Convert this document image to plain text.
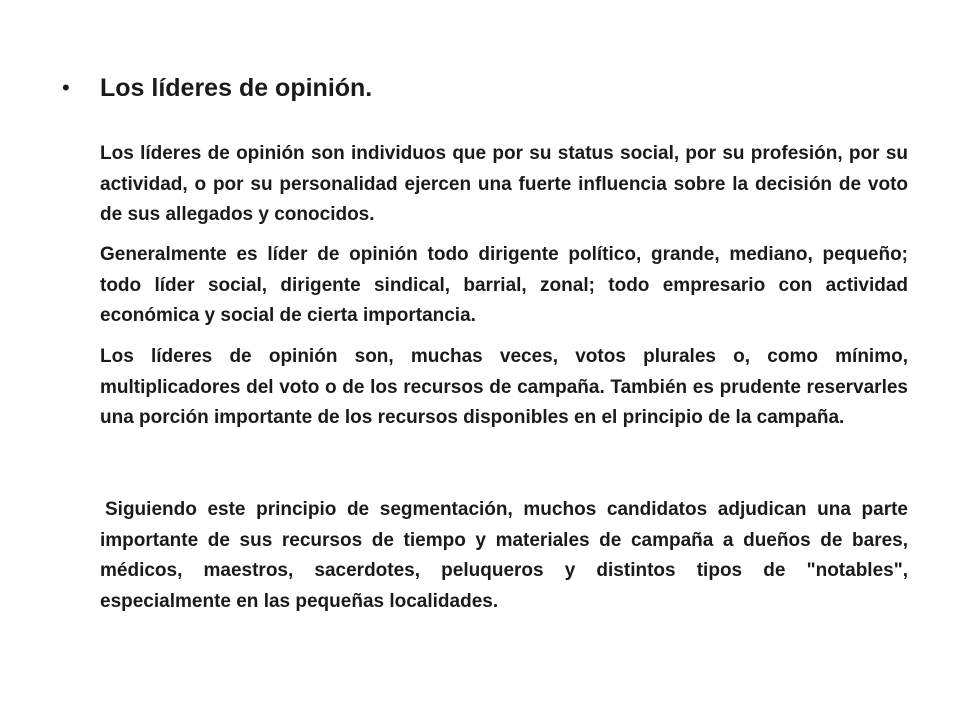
•	Los líderes de opinión.

Los líderes de opinión son individuos que por su status social, por su profesión, por su actividad, o por su personalidad ejercen una fuerte influencia sobre la decisión de voto de sus allegados y conocidos.

Generalmente es líder de opinión todo dirigente político, grande, mediano, pequeño; todo líder social, dirigente sindical, barrial, zonal; todo empresario con actividad económica y social de cierta importancia.

Los líderes de opinión son, muchas veces, votos plurales o, como mínimo, multiplicadores del voto o de los recursos de campaña. También es prudente reservarles una porción importante de los recursos disponibles en el principio de la campaña.

Siguiendo este principio de segmentación, muchos candidatos adjudican una parte importante de sus recursos de tiempo y materiales de campaña a dueños de bares, médicos, maestros, sacerdotes, peluqueros y distintos tipos de "notables", especialmente en las pequeñas localidades.
